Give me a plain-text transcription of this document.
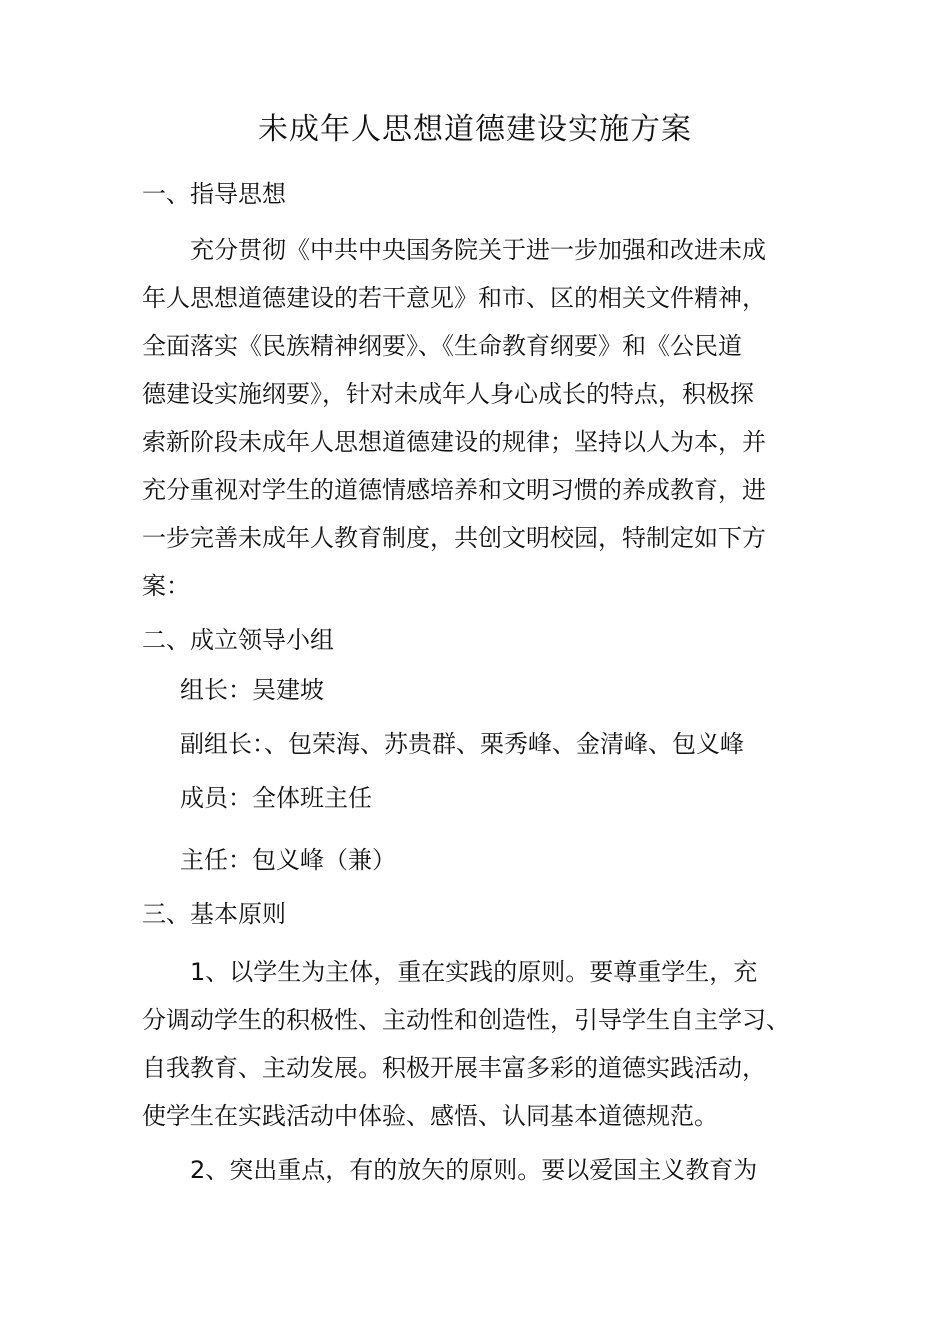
未成年人思想道德建设实施方案
一、指导思想
充分贯彻《中共中央国务院关于进一步加强和改进未成
年人思想道德建设的若干意见》和市、区的相关文件精神，
全面落实《民族精神纲要》、《生命教育纲要》和《公民道
德建设实施纲要》，针对未成年人身心成长的特点，积极探
索新阶段未成年人思想道德建设的规律；坚持以人为本，并
充分重视对学生的道德情感培养和文明习惯的养成教育，进
一步完善未成年人教育制度，共创文明校园，特制定如下方
案：
二、成立领导小组
组长：吴建坡
副组长：、包荣海、苏贵群、栗秀峰、金清峰、包义峰
成员：全体班主任
主任：包义峰（兼）
三、基本原则
1、以学生为主体，重在实践的原则。要尊重学生，充
分调动学生的积极性、主动性和创造性，引导学生自主学习、
自我教育、主动发展。积极开展丰富多彩的道德实践活动，
使学生在实践活动中体验、感悟、认同基本道德规范。
2、突出重点，有的放矢的原则。要以爱国主义教育为
